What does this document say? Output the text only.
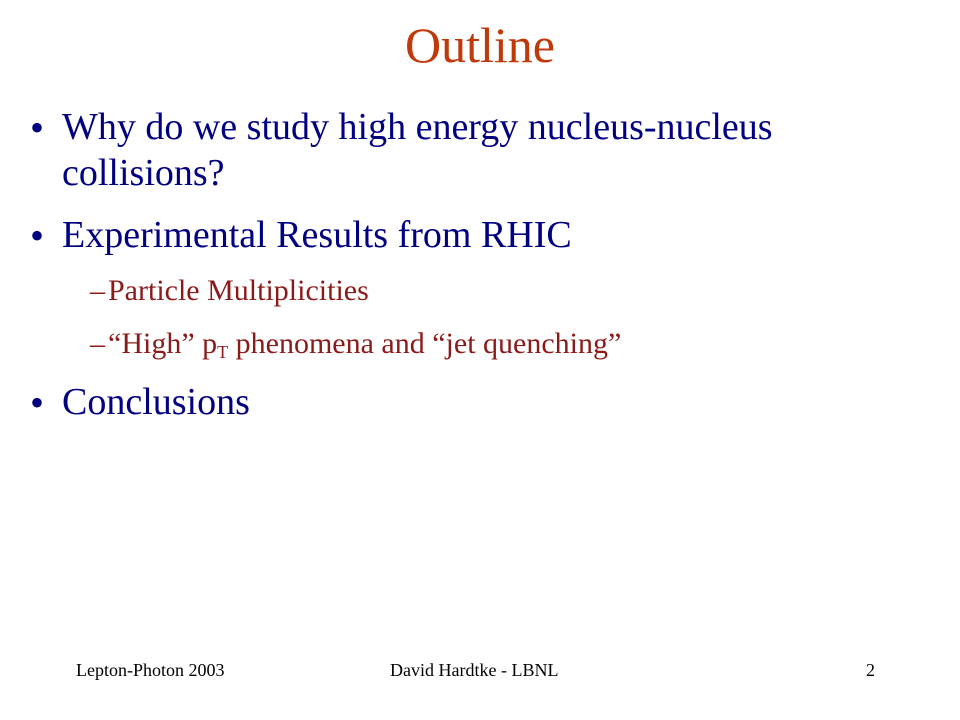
Outline
• Why do we study high energy nucleus-nucleus collisions?
• Experimental Results from RHIC
– Particle Multiplicities
– “High” $p_T$ phenomena and “jet quenching”
• Conclusions
Lepton-Photon 2003	David Hardtke - LBNL	2
